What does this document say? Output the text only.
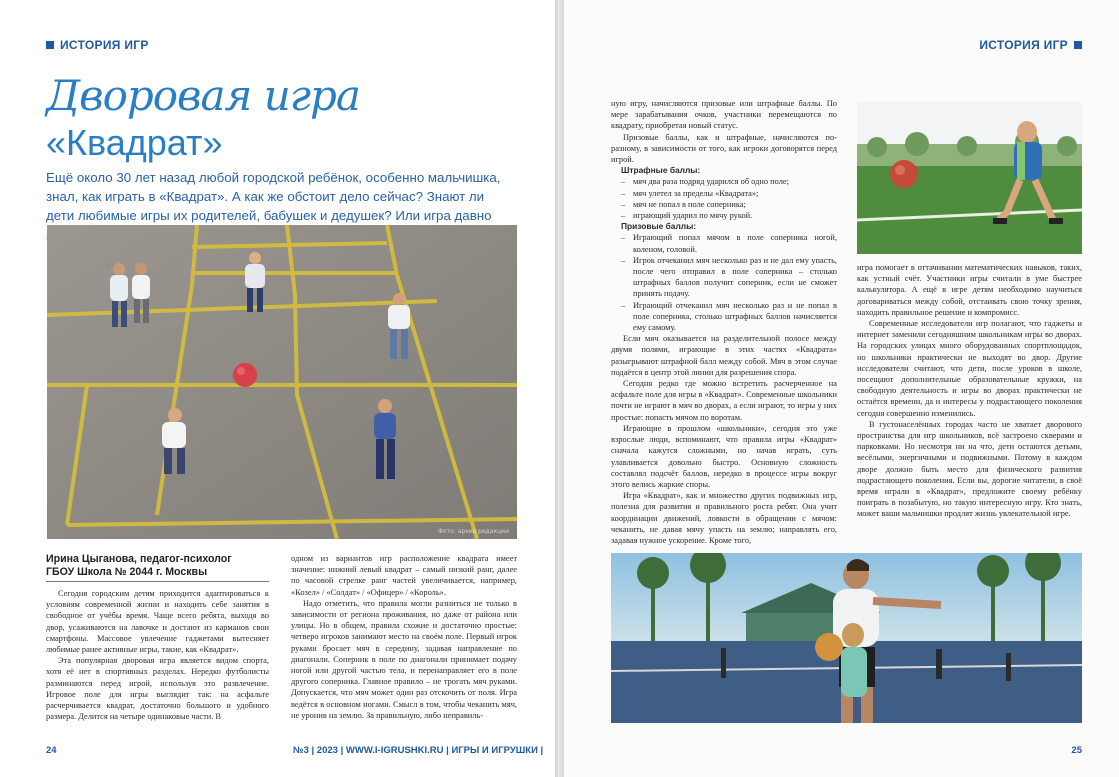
ИСТОРИЯ ИГР
Дворовая игра
«Квадрат»
Ещё около 30 лет назад любой городской ребёнок, особенно мальчишка, знал, как играть в «Квадрат». А как же обстоит дело сейчас? Знают ли дети любимые игры их родителей, бабушек и дедушек? Или игра давно
Фото: архив редакции
Ирина Цыганова, педагог-психолог
ГБОУ Школа № 2044 г. Москвы

Сегодня городским детям приходится адаптироваться к условиям современной жизни и находить себе занятия в свободное от учёбы время. Чаще всего ребята, выходя во двор, усаживаются на лавочке и достают из карманов свои смартфоны. Массовое увлечение гаджетами вытесняет любимые ранее активные игры, такие, как «Квадрат».

Эта популярная дворовая игра является видом спорта, хотя её нет в спортивных разделах. Нередко футболисты разминаются перед игрой, используя это развлечение. Игровое поле для игры выглядит так: на асфальте расчерчивается квадрат, достаточно большого и удобного размера. Делится на четыре одинаковые части. В

одном из вариантов игр расположение квадрата имеет значение: нижний левый квадрат – самый низкий ранг, далее по часовой стрелке ранг частей увеличивается, например, «Козел» / «Солдат» / «Офицер» / «Король».

Надо отметить, что правила могли разниться не только в зависимости от региона проживания, но даже от района или улицы. Но в общем, правила схожие и достаточно простые: четверо игроков занимают место на своём поле. Первый игрок руками бросает мяч в середину, задавая направление по диагонали. Соперник в поле по диагонали принимает подачу ногой или другой частью тела, и перенаправляет его в поле другого соперника. Главное правило – не трогать мяч руками. Допускается, что мяч может один раз отскочить от поля. Игра ведётся в основном ногами. Смысл в том, чтобы чеканить мяч, не уронив на землю. За правильную, либо неправиль-

24	№3 | 2023 | WWW.I-IGRUSHKI.RU | ИГРЫ И ИГРУШКИ |
ИСТОРИЯ ИГР

ную игру, начисляются призовые или штрафные баллы. По мере зарабатывания очков, участники перемещаются по квадрату, приобретая новый статус.

Призовые баллы, как и штрафные, начисляются по-разному, в зависимости от того, как игроки договорятся перед игрой.

Штрафные баллы:

– мяч два раза подряд ударился об одно поле;

– мяч улетел за пределы «Квадрата»;

– мяч не попал в поле соперника;

– играющий ударил по мячу рукой.

Призовые баллы:

– Играющий попал мячом в поле соперника ногой, коленом, головой.

– Игрок отчеканил мяч несколько раз и не дал ему упасть, после чего отправил в поле соперника – столько штрафных баллов получит соперник, если не сможет принять подачу.

– Играющий отчеканил мяч несколько раз и не попал в поле соперника, столько штрафных баллов начисляется ему самому.

Если мяч оказывается на разделительной полосе между двумя полями, играющие в этих частях «Квадрата» разыгрывают штрафной балл между собой. Мяч в этом случае подаётся в центр этой линии для разрешения спора.

Сегодня редко где можно встретить расчерченное на асфальте поле для игры в «Квадрат». Современные школьники почти не играют в мяч во дворах, а если играют, то игры у них простые: попасть мячом по воротам.

Играющие в прошлом «школьники», сегодня это уже взрослые люди, вспоминают, что правила игры «Квадрат» сначала кажутся сложными, но начав играть, суть улавливается довольно быстро. Основную сложность составлял подсчёт баллов, нередко в процессе игры вокруг этого велись жаркие споры.

Игра «Квадрат», как и множество других подвижных игр, полезна для развития и правильного роста ребят. Она учит координации движений, ловкости в обращении с мячом: чеканить, не давая мячу упасть на землю; направлять его, задавая нужное ускорение. Кроме того,

игра помогает в оттачивании математических навыков, таких, как устный счёт. Участники игры считали в уме быстрее калькулятора. А ещё в игре детям необходимо научиться договариваться между собой, отстаивать свою точку зрения, находить правильное решение и компромисс.

Современные исследователи игр полагают, что гаджеты и интернет заменили сегодняшним школьникам игры во дворах. На городских улицах много оборудованных спортплощадок, но школьники практически не выходят во двор. Другие исследователи считают, что дети, после уроков в школе, посещают дополнительные образовательные кружки, на свободную деятельность и игры во дворах практически не остаётся времени, да и интересы у подрастающего поколения сегодня совершенно изменились.

В густонаселённых городах часто не хватает дворового пространства для игр школьников, всё застроено скверами и парковками. Но несмотря ни на что, дети остаются детьми, весёлыми, энергичными и подвижными. Потому в каждом дворе должно быть место для физического развития подрастающего поколения. Если вы, дорогие читатели, в своё время играли в «Квадрат», предложите своему ребёнку поиграть в позабытую, но такую интересную игру. Кто знать, может ваши мальчишки продлят жизнь увлекательной игре.

25
